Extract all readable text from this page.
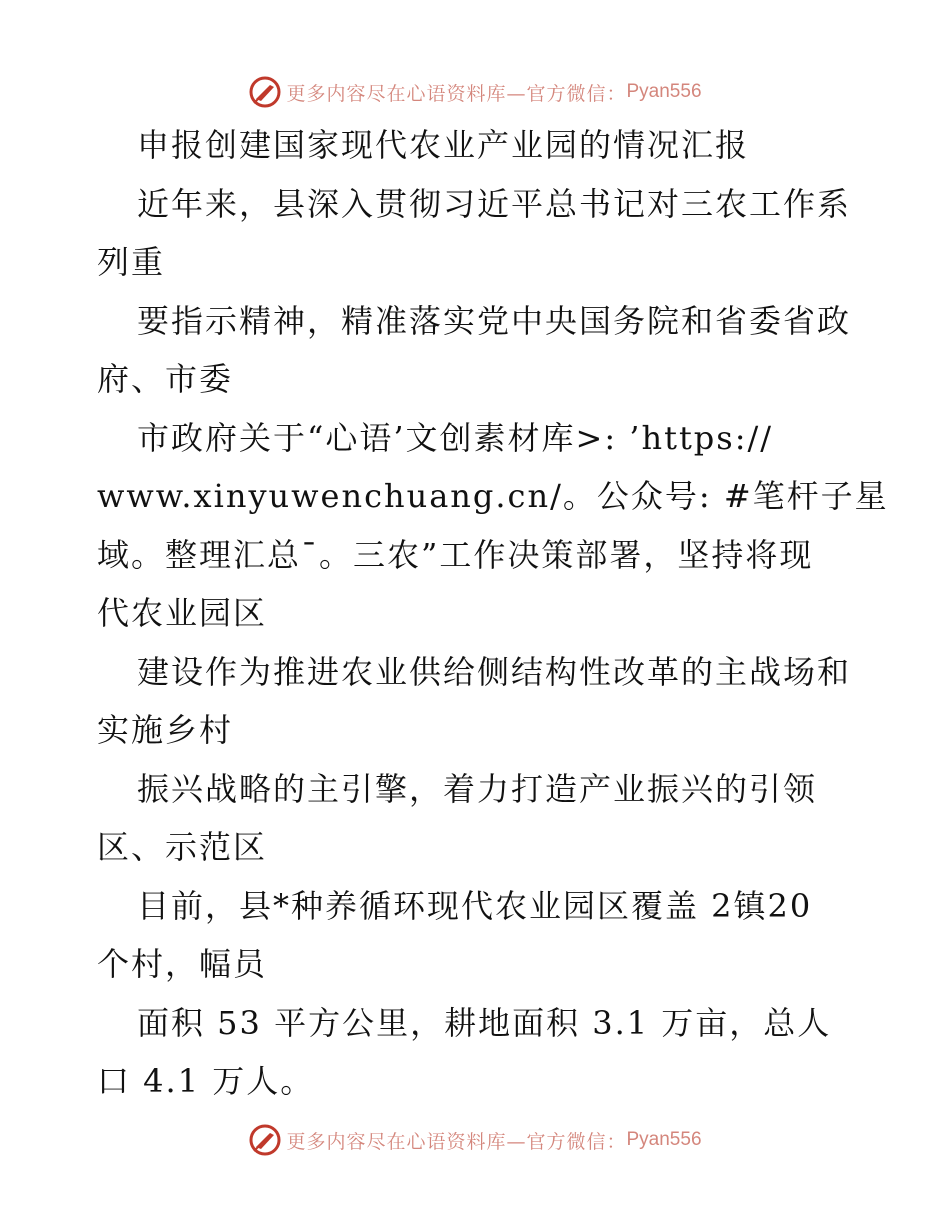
更多内容尽在心语资料库—官方微信： Pyan556

申报创建国家现代农业产业园的情况汇报

近年来，县深入贯彻习近平总书记对三农工作系

列重

要指示精神，精准落实党中央国务院和省委省政

府、市委

市政府关于“心语’文创素材库>: ’https://

www.xinyuwenchuang.cn/。公众号: #笔杆子星

域。整理汇总¯。三农”工作决策部署，坚持将现

代农业园区

建设作为推进农业供给侧结构性改革的主战场和

实施乡村

振兴战略的主引擎，着力打造产业振兴的引领

区、示范区

目前，县*种养循环现代农业园区覆盖 2镇20

个村，幅员

面积 53 平方公里，耕地面积 3.1 万亩，总人

口 4.1 万人。

更多内容尽在心语资料库—官方微信： Pyan556
